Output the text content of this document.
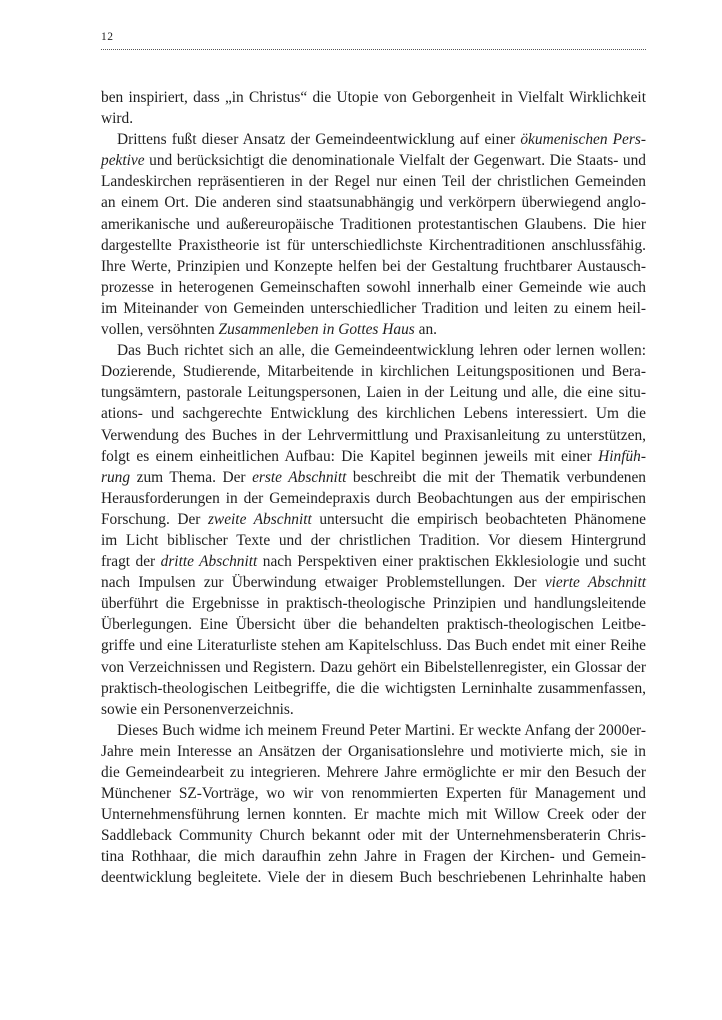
12
ben inspiriert, dass „in Christus“ die Utopie von Geborgenheit in Vielfalt Wirklichkeit
wird.
Drittens fußt dieser Ansatz der Gemeindeentwicklung auf einer ökumenischen Pers-
pektive und berücksichtigt die denominationale Vielfalt der Gegenwart. Die Staats- und
Landeskirchen repräsentieren in der Regel nur einen Teil der christlichen Gemeinden
an einem Ort. Die anderen sind staatsunabhängig und verkörpern überwiegend anglo-
amerikanische und außereuropäische Traditionen protestantischen Glaubens. Die hier
dargestellte Praxistheorie ist für unterschiedlichste Kirchentraditionen anschlussfähig.
Ihre Werte, Prinzipien und Konzepte helfen bei der Gestaltung fruchtbarer Austausch-
prozesse in heterogenen Gemeinschaften sowohl innerhalb einer Gemeinde wie auch
im Miteinander von Gemeinden unterschiedlicher Tradition und leiten zu einem heil-
vollen, versöhnten Zusammenleben in Gottes Haus an.
Das Buch richtet sich an alle, die Gemeindeentwicklung lehren oder lernen wollen:
Dozierende, Studierende, Mitarbeitende in kirchlichen Leitungspositionen und Bera-
tungsämtern, pastorale Leitungspersonen, Laien in der Leitung und alle, die eine situ-
ations- und sachgerechte Entwicklung des kirchlichen Lebens interessiert. Um die
Verwendung des Buches in der Lehrvermittlung und Praxisanleitung zu unterstützen,
folgt es einem einheitlichen Aufbau: Die Kapitel beginnen jeweils mit einer Hinfüh-
rung zum Thema. Der erste Abschnitt beschreibt die mit der Thematik verbundenen
Herausforderungen in der Gemeindepraxis durch Beobachtungen aus der empirischen
Forschung. Der zweite Abschnitt untersucht die empirisch beobachteten Phänomene
im Licht biblischer Texte und der christlichen Tradition. Vor diesem Hintergrund
fragt der dritte Abschnitt nach Perspektiven einer praktischen Ekklesiologie und sucht
nach Impulsen zur Überwindung etwaiger Problemstellungen. Der vierte Abschnitt
überführt die Ergebnisse in praktisch-theologische Prinzipien und handlungsleitende
Überlegungen. Eine Übersicht über die behandelten praktisch-theologischen Leitbe-
griffe und eine Literaturliste stehen am Kapitelschluss. Das Buch endet mit einer Reihe
von Verzeichnissen und Registern. Dazu gehört ein Bibelstellenregister, ein Glossar der
praktisch-theologischen Leitbegriffe, die die wichtigsten Lerninhalte zusammenfassen,
sowie ein Personenverzeichnis.
Dieses Buch widme ich meinem Freund Peter Martini. Er weckte Anfang der 2000er-
Jahre mein Interesse an Ansätzen der Organisationslehre und motivierte mich, sie in
die Gemeindearbeit zu integrieren. Mehrere Jahre ermöglichte er mir den Besuch der
Münchener SZ-Vorträge, wo wir von renommierten Experten für Management und
Unternehmensführung lernen konnten. Er machte mich mit Willow Creek oder der
Saddleback Community Church bekannt oder mit der Unternehmensberaterin Chris-
tina Rothhaar, die mich daraufhin zehn Jahre in Fragen der Kirchen- und Gemein-
deentwicklung begleitete. Viele der in diesem Buch beschriebenen Lehrinhalte haben
